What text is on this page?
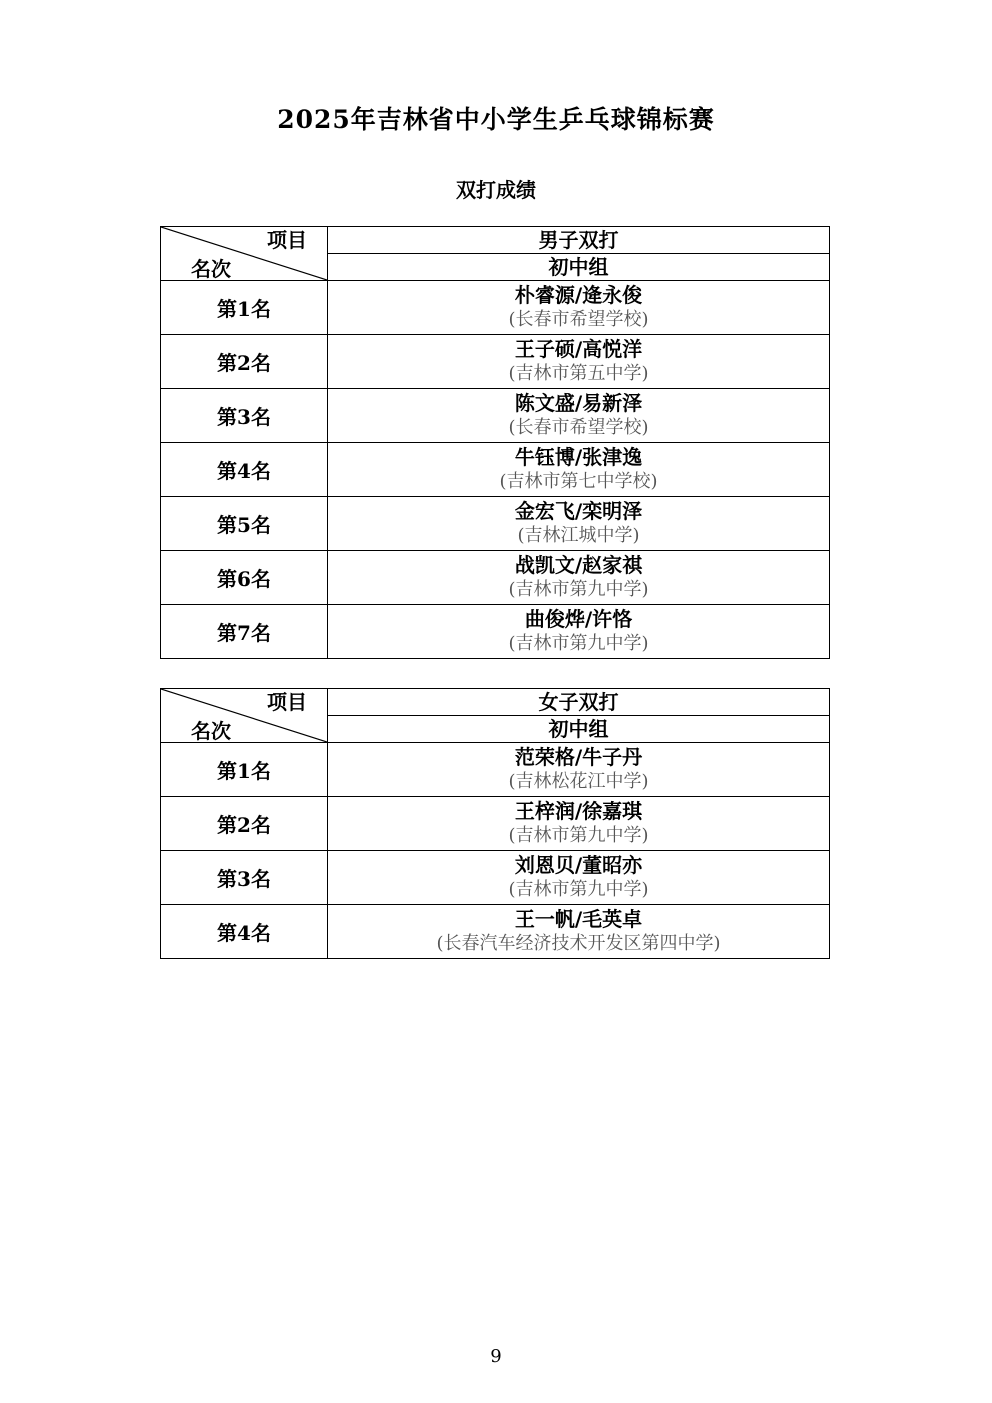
2025年吉林省中小学生乒乓球锦标赛
双打成绩
项目
名次	男子双打
	初中组
第1名	朴睿源/逄永俊
(长春市希望学校)

第2名	王子硕/高悦洋
(吉林市第五中学)

第3名	陈文盛/易新泽
(长春市希望学校)

第4名	牛钰博/张津逸
(吉林市第七中学校)

第5名	金宏飞/栾明泽
(吉林江城中学)

第6名	战凯文/赵家祺
(吉林市第九中学)

第7名	曲俊烨/许恪
(吉林市第九中学)
项目
名次	女子双打
	初中组
第1名	范荣格/牛子丹
(吉林松花江中学)

第2名	王梓润/徐嘉琪
(吉林市第九中学)

第3名	刘恩贝/董昭亦
(吉林市第九中学)

第4名	王一帆/毛英卓
(长春汽车经济技术开发区第四中学)
9
